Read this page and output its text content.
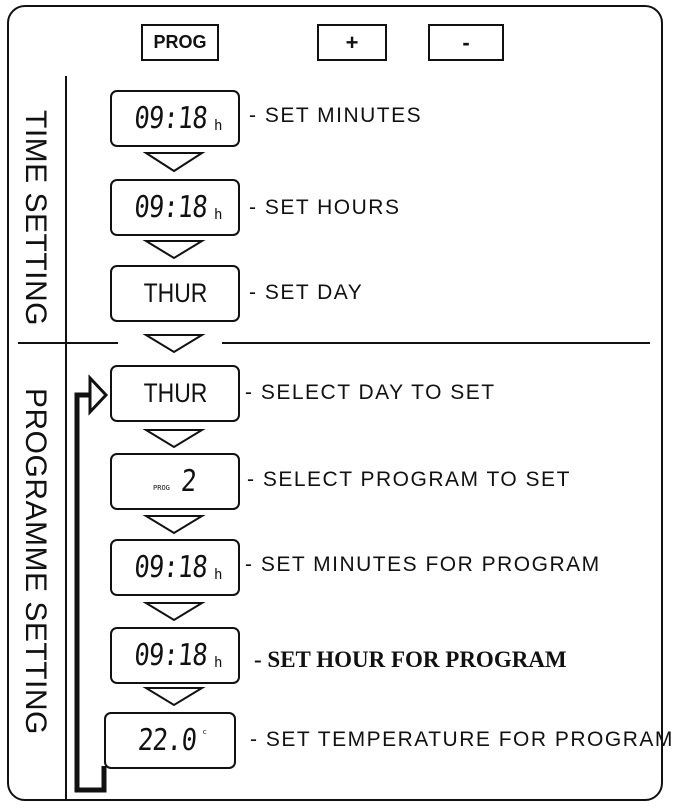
PROG	+	-
TIME SETTING
PROGRAMME SETTING
09:18 h - SET MINUTES
09:18 h - SET HOURS
THUR - SET DAY
THUR - SELECT DAY TO SET
PROG 2 - SELECT PROGRAM TO SET
09:18 h - SET MINUTES FOR PROGRAM
09:18 h - SET HOUR FOR PROGRAM
22.0 c - SET TEMPERATURE FOR PROGRAM
